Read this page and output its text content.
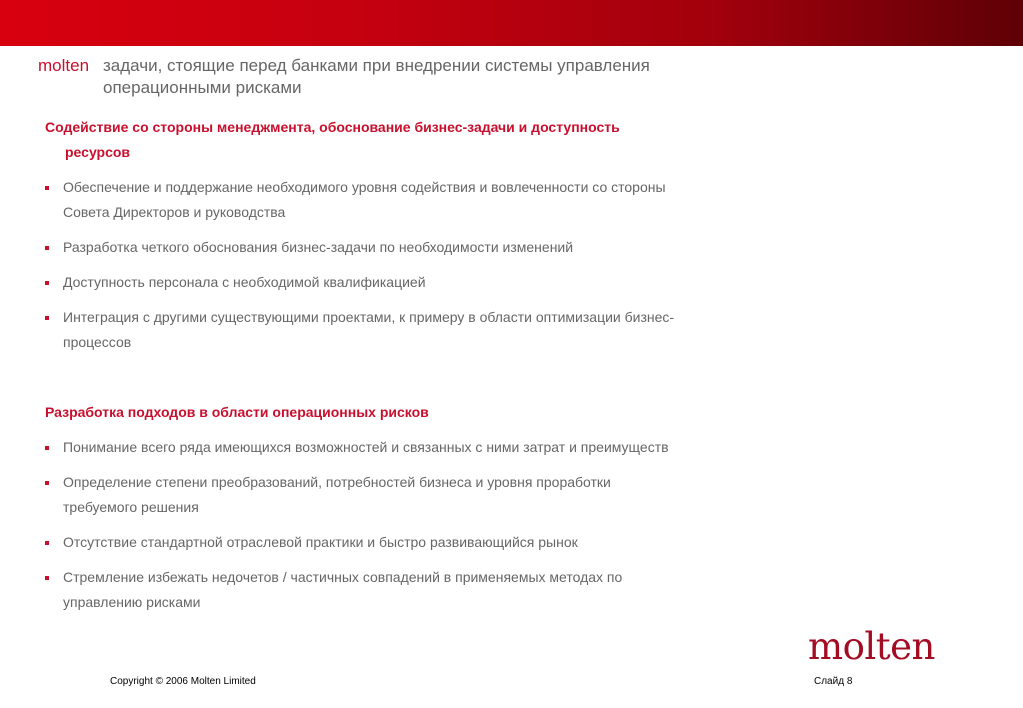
molten задачи, стоящие перед банками при внедрении системы управления
операционными рисками
Содействие со стороны менеджмента, обоснование бизнес-задачи и доступность
ресурсов
Обеспечение и поддержание необходимого уровня содействия и вовлеченности со стороны
Совета Директоров и руководства
Разработка четкого обоснования бизнес-задачи по необходимости изменений
Доступность персонала с необходимой квалификацией
Интеграция с другими существующими проектами, к примеру в области оптимизации бизнес-
процессов
Разработка подходов в области операционных рисков
Понимание всего ряда имеющихся возможностей и связанных с ними затрат и преимуществ
Определение степени преобразований, потребностей бизнеса и уровня проработки
требуемого решения
Отсутствие стандартной отраслевой практики и быстро развивающийся рынок
Стремление избежать недочетов / частичных совпадений в применяемых методах по
управлению рисками
molten
Copyright © 2006 Molten Limited	Слайд 8
